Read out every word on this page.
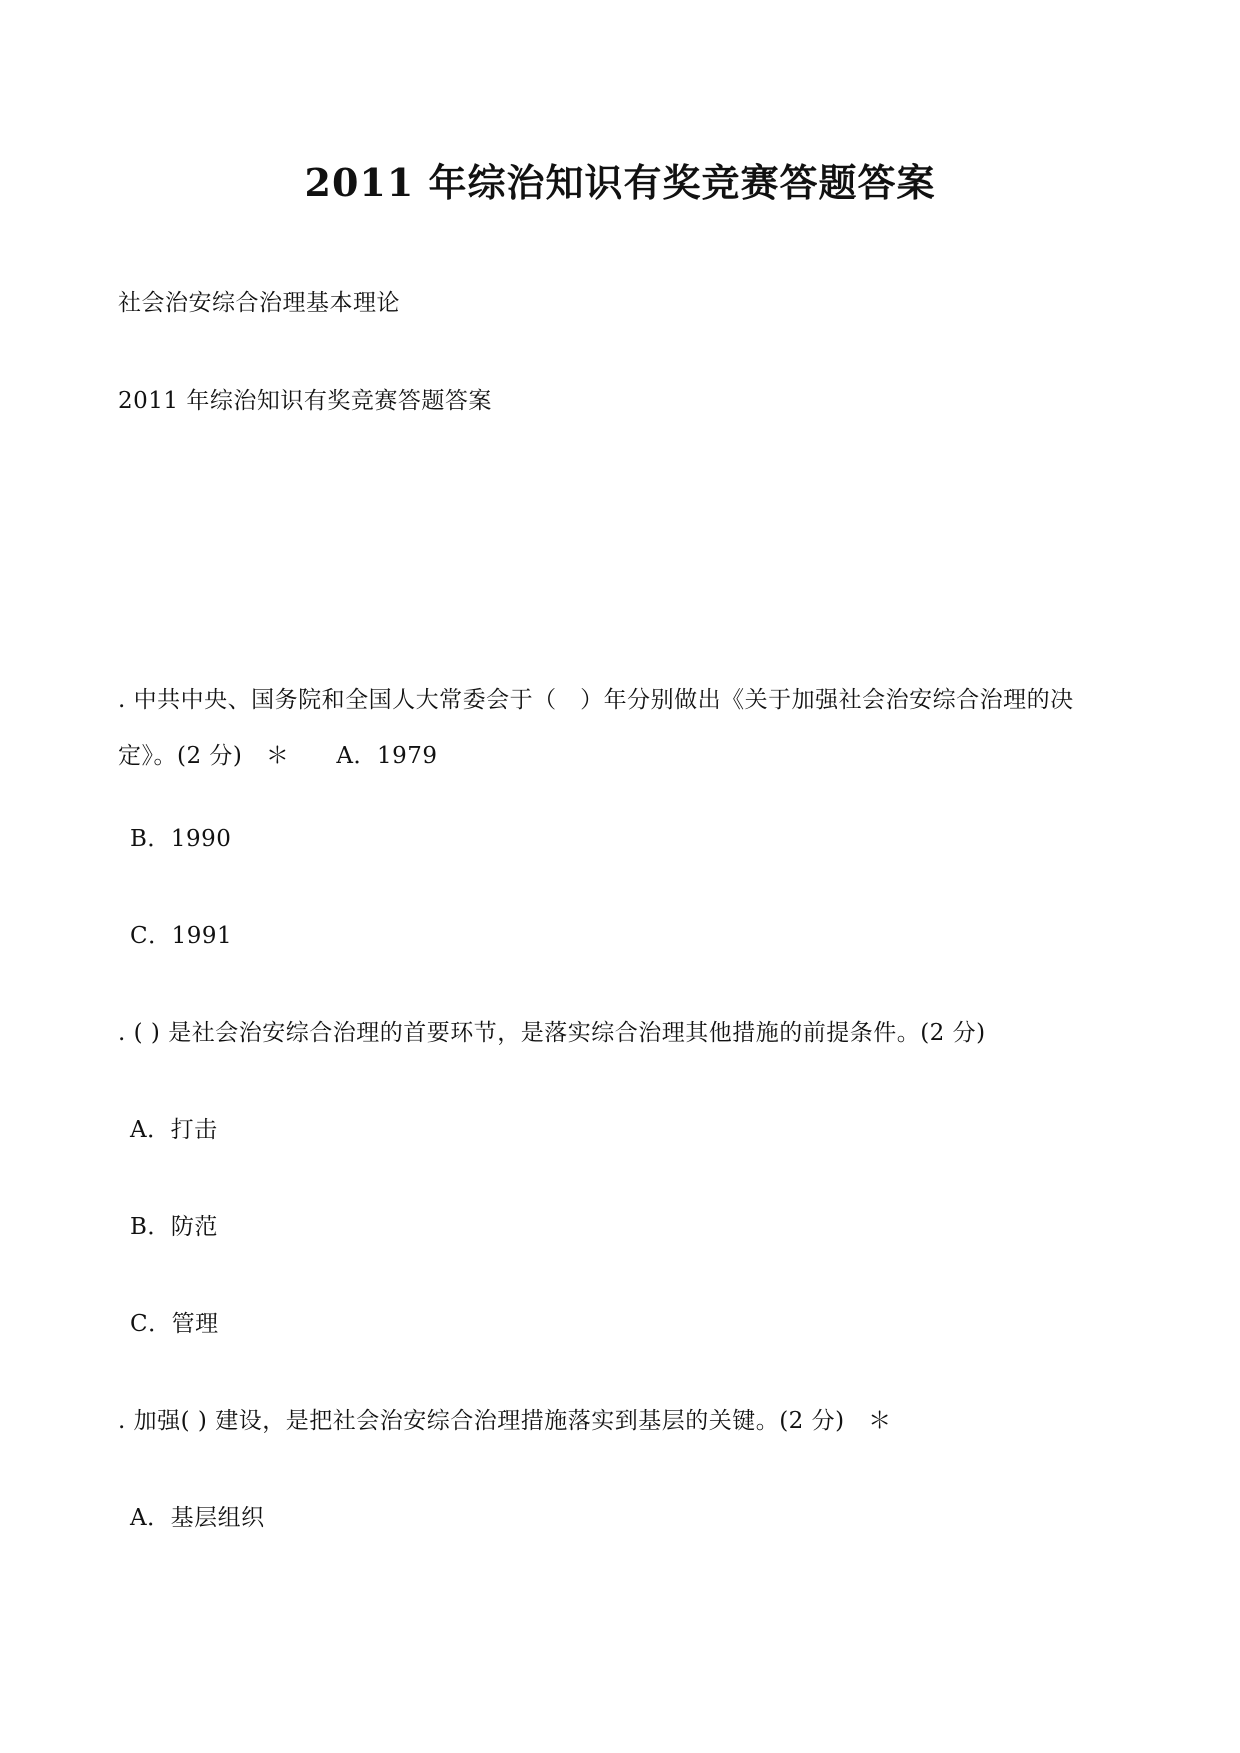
2011 年综治知识有奖竞赛答题答案
社会治安综合治理基本理论
2011 年综治知识有奖竞赛答题答案
. 中共中央、国务院和全国人大常委会于（　）年分别做出《关于加强社会治安综合治理的决定》。(2 分)　＊　　A．1979
B．1990
C．1991
. ( ) 是社会治安综合治理的首要环节，是落实综合治理其他措施的前提条件。(2 分)
A．打击
B．防范
C．管理
. 加强( ) 建设，是把社会治安综合治理措施落实到基层的关键。(2 分)　＊
A．基层组织
